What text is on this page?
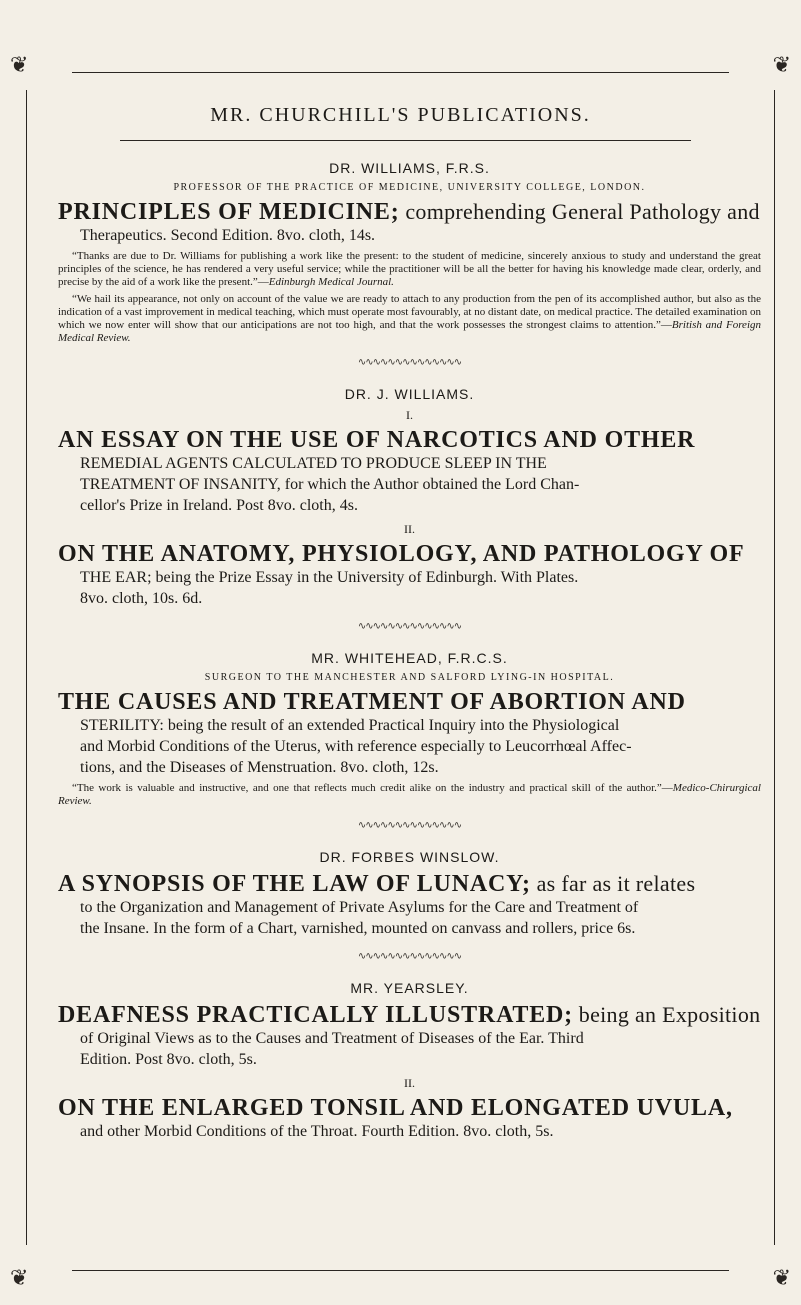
❦	❦
❦	❦
MR. CHURCHILL'S PUBLICATIONS.

DR. WILLIAMS, F.R.S.

PROFESSOR OF THE PRACTICE OF MEDICINE, UNIVERSITY COLLEGE, LONDON.

PRINCIPLES OF MEDICINE; comprehending General Pathology and

Therapeutics. Second Edition. 8vo. cloth, 14s.

“Thanks are due to Dr. Williams for publishing a work like the present: to the student of medicine, sincerely anxious to study and understand the great principles of the science, he has rendered a very useful service; while the practitioner will be all the better for having his knowledge made clear, orderly, and precise by the aid of a work like the present.”—Edinburgh Medical Journal.

“We hail its appearance, not only on account of the value we are ready to attach to any production from the pen of its accomplished author, but also as the indication of a vast improvement in medical teaching, which must operate most favourably, at no distant date, on medical practice. The detailed examination on which we now enter will show that our anticipations are not too high, and that the work possesses the strongest claims to attention.”—British and Foreign Medical Review.

∿∿∿∿∿∿∿∿∿∿∿∿∿∿

DR. J. WILLIAMS.

I.

AN ESSAY ON THE USE OF NARCOTICS AND OTHER

REMEDIAL AGENTS CALCULATED TO PRODUCE SLEEP IN THE

TREATMENT OF INSANITY, for which the Author obtained the Lord Chan-

cellor's Prize in Ireland. Post 8vo. cloth, 4s.

II.

ON THE ANATOMY, PHYSIOLOGY, AND PATHOLOGY OF

THE EAR; being the Prize Essay in the University of Edinburgh. With Plates.

8vo. cloth, 10s. 6d.

∿∿∿∿∿∿∿∿∿∿∿∿∿∿

MR. WHITEHEAD, F.R.C.S.

SURGEON TO THE MANCHESTER AND SALFORD LYING-IN HOSPITAL.

THE CAUSES AND TREATMENT OF ABORTION AND

STERILITY: being the result of an extended Practical Inquiry into the Physiological

and Morbid Conditions of the Uterus, with reference especially to Leucorrhœal Affec-

tions, and the Diseases of Menstruation. 8vo. cloth, 12s.

“The work is valuable and instructive, and one that reflects much credit alike on the industry and practical skill of the author.”—Medico-Chirurgical Review.

∿∿∿∿∿∿∿∿∿∿∿∿∿∿

DR. FORBES WINSLOW.

A SYNOPSIS OF THE LAW OF LUNACY; as far as it relates

to the Organization and Management of Private Asylums for the Care and Treatment of

the Insane. In the form of a Chart, varnished, mounted on canvass and rollers, price 6s.

∿∿∿∿∿∿∿∿∿∿∿∿∿∿

MR. YEARSLEY.

DEAFNESS PRACTICALLY ILLUSTRATED; being an Exposition

of Original Views as to the Causes and Treatment of Diseases of the Ear. Third

Edition. Post 8vo. cloth, 5s.

II.

ON THE ENLARGED TONSIL AND ELONGATED UVULA,

and other Morbid Conditions of the Throat. Fourth Edition. 8vo. cloth, 5s.
